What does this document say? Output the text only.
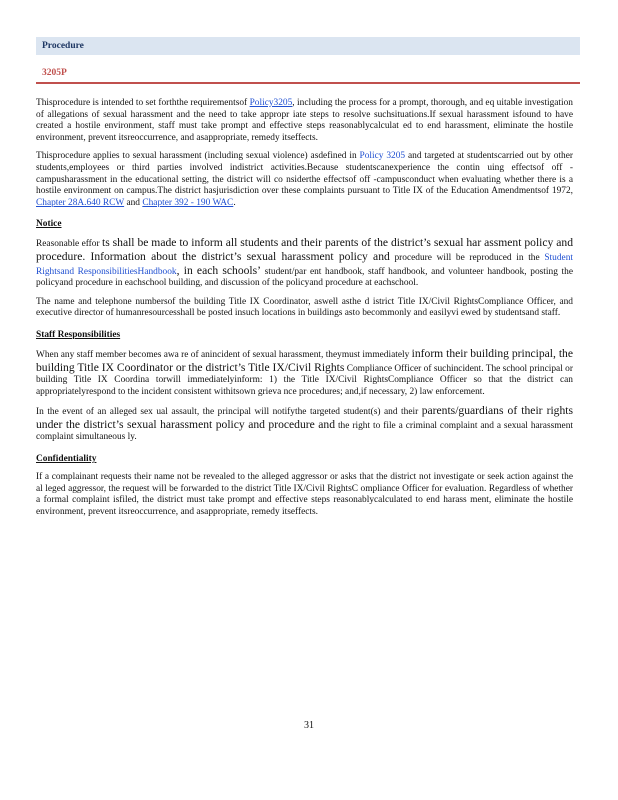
Procedure
3205P

Thisprocedure is intended to set forththe requirementsof Policy3205, including the process for a prompt, thorough, and eq uitable investigation of allegations of sexual harassment and the need to take appropr iate steps to resolve suchsituations.If sexual harassment isfound to have created a hostile environment, staff must take prompt and effective steps reasonablycalculat ed to end harassment, eliminate the hostile environment, prevent itsreoccurrence, and asappropriate, remedy itseffects.

Thisprocedure applies to sexual harassment (including sexual violence) asdefined in Policy 3205 and targeted at studentscarried out by other students,employees or third parties involved indistrict activities.Because studentscanexperience the contin uing effectsof off -campusharassment in the educational setting, the district will co nsiderthe effectsof off -campusconduct when evaluating whether there is a hostile environment on campus.The district hasjurisdiction over these complaints pursuant to Title IX of the Education Amendmentsof 1972, Chapter 28A.640 RCW and Chapter 392 - 190 WAC.

Notice

Reasonable effor ts shall be made to inform all students and their parents of the district’s sexual har assment policy and procedure. Information about the district’s sexual harassment policy and procedure will be reproduced in the Student Rightsand ResponsibilitiesHandbook, in each schools’ student/par ent handbook, staff handbook, and volunteer handbook, posting the policyand procedure in eachschool building, and discussion of the policyand procedure at eachschool.

The name and telephone numbersof the building Title IX Coordinator, aswell asthe d istrict Title IX/Civil RightsCompliance Officer, and executive director of humanresourcesshall be posted insuch locations in buildings asto becommonly and easilyvi ewed by studentsand staff.

Staff Responsibilities

When any staff member becomes awa re of anincident of sexual harassment, theymust immediately inform their building principal, the building Title IX Coordinator or the district’s Title IX/Civil Rights Compliance Officer of suchincident. The school principal or building Title IX Coordina torwill immediatelyinform: 1) the Title IX/Civil RightsCompliance Officer so that the district can appropriatelyrespond to the incident consistent withitsown grieva nce procedures; and,if necessary, 2) law enforcement.

In the event of an alleged sex ual assault, the principal will notifythe targeted student(s) and their parents/guardians of their rights under the district’s sexual harassment policy and procedure and the right to file a criminal complaint and a sexual harassment complaint simultaneous ly.

Confidentiality

If a complainant requests their name not be revealed to the alleged aggressor or asks that the district not investigate or seek action against the al leged aggressor, the request will be forwarded to the district Title IX/Civil RightsC ompliance Officer for evaluation. Regardless of whether a formal complaint isfiled, the district must take prompt and effective steps reasonablycalculated to end harass ment, eliminate the hostile environment, prevent itsreoccurrence, and asappropriate, remedy itseffects.

31
